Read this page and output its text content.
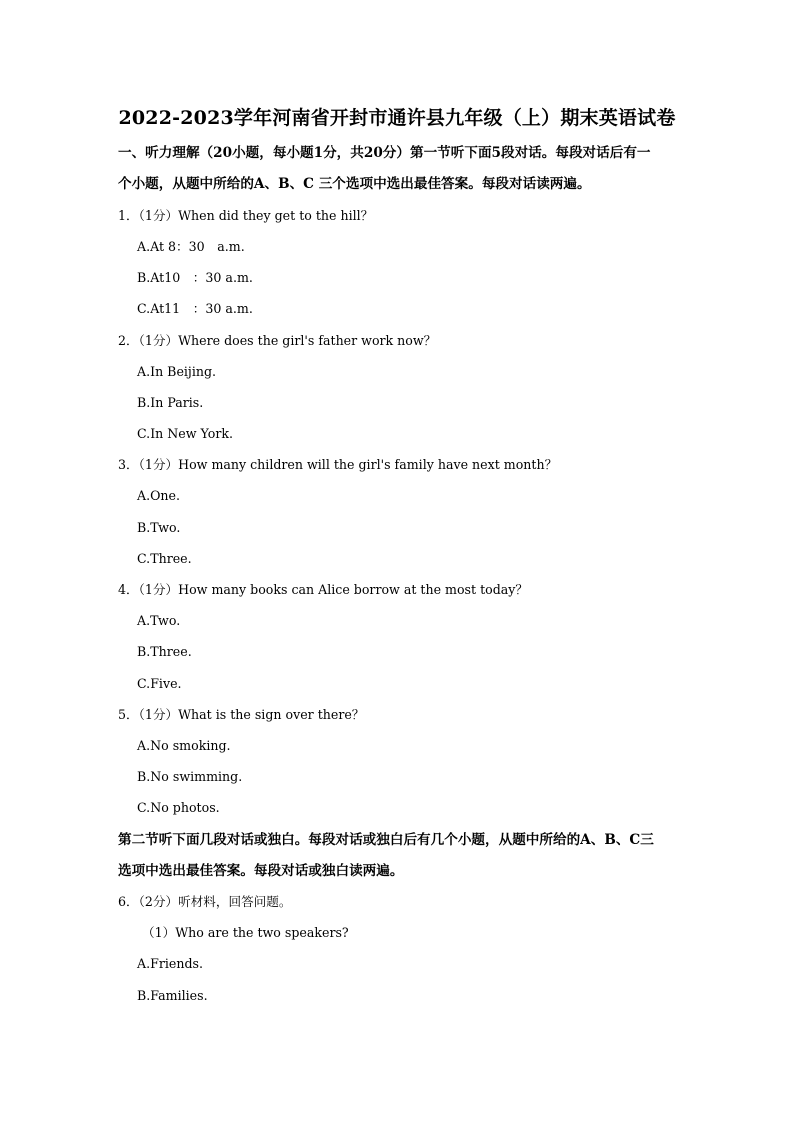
2022-2023学年河南省开封市通许县九年级（上）期末英语试卷
一、听力理解（20小题，每小题1分，共20分）第一节听下面5段对话。每段对话后有一
个小题，从题中所给的A、B、C 三个选项中选出最佳答案。每段对话读两遍。
1．（1分）When did they get to the hill？
A.At 8：30　a.m.
B.At10　：30 a.m.
C.At11　：30 a.m.
2．（1分）Where does the girl's father work now？
A.In Beijing.
B.In Paris.
C.In New York.
3．（1分）How many children will the girl's family have next month？
A.One.
B.Two.
C.Three.
4．（1分）How many books can Alice borrow at the most today？
A.Two.
B.Three.
C.Five.
5．（1分）What is the sign over there？
A.No smoking.
B.No swimming.
C.No photos.
第二节听下面几段对话或独白。每段对话或独白后有几个小题，从题中所给的A、B、C三
选项中选出最佳答案。每段对话或独白读两遍。
6．（2分）听材料，回答问题。
（1）Who are the two speakers?
A.Friends.
B.Families.
